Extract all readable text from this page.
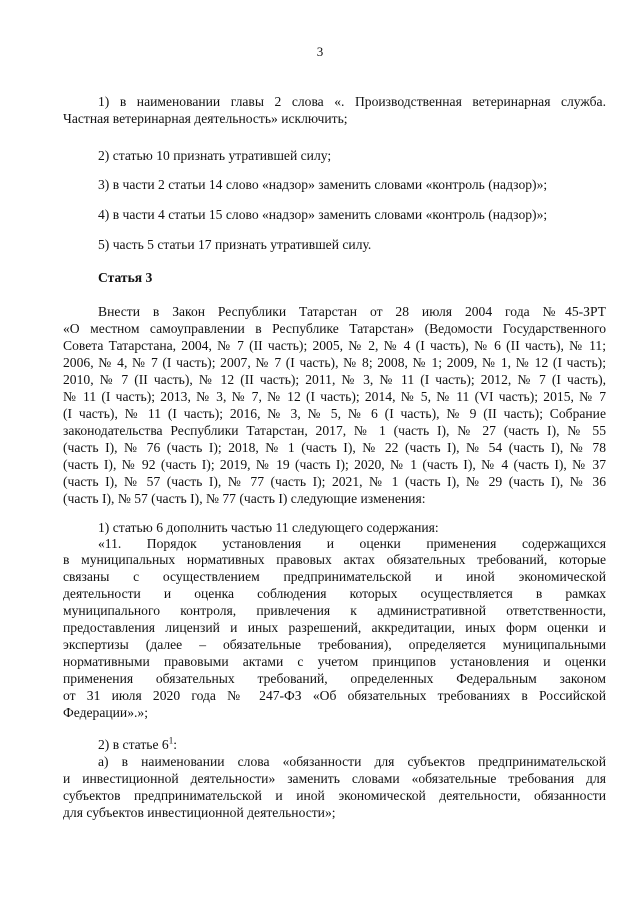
3
1) в наименовании главы 2 слова «. Производственная ветеринарная служба.
Частная ветеринарная деятельность» исключить;
2) статью 10 признать утратившей силу;
3) в части 2 статьи 14 слово «надзор» заменить словами «контроль (надзор)»;
4) в части 4 статьи 15 слово «надзор» заменить словами «контроль (надзор)»;
5) часть 5 статьи 17 признать утратившей силу.
Статья 3
Внести в Закон Республики Татарстан от 28 июля 2004 года №45-ЗРТ
«О местном самоуправлении в Республике Татарстан» (Ведомости Государственного
Совета Татарстана, 2004, № 7 (II часть); 2005, № 2, № 4 (I часть), № 6 (II часть), № 11;
2006, № 4, № 7 (I часть); 2007, № 7 (I часть), № 8; 2008, № 1; 2009, № 1, № 12 (I часть);
2010, № 7 (II часть), № 12 (II часть); 2011, № 3, № 11 (I часть); 2012, № 7 (I часть),
№ 11 (I часть); 2013, № 3, № 7, № 12 (I часть); 2014, № 5, № 11 (VI часть); 2015, № 7
(I часть), № 11 (I часть); 2016, № 3, № 5, № 6 (I часть), № 9 (II часть); Собрание
законодательства Республики Татарстан, 2017, № 1 (часть I), № 27 (часть I), № 55
(часть I), № 76 (часть I); 2018, № 1 (часть I), № 22 (часть I), № 54 (часть I), № 78
(часть I), № 92 (часть I); 2019, № 19 (часть I); 2020, № 1 (часть I), № 4 (часть I), № 37
(часть I), № 57 (часть I), № 77 (часть I); 2021, № 1 (часть I), № 29 (часть I), № 36
(часть I), № 57 (часть I), № 77 (часть I) следующие изменения:
1) статью 6 дополнить частью 11 следующего содержания:
«11. Порядок установления и оценки применения содержащихся
в муниципальных нормативных правовых актах обязательных требований, которые
связаны с осуществлением предпринимательской и иной экономической
деятельности и оценка соблюдения которых осуществляется в рамках
муниципального контроля, привлечения к административной ответственности,
предоставления лицензий и иных разрешений, аккредитации, иных форм оценки и
экспертизы (далее – обязательные требования), определяется муниципальными
нормативными правовыми актами с учетом принципов установления и оценки
применения обязательных требований, определенных Федеральным законом
от 31 июля 2020 года № 247-ФЗ «Об обязательных требованиях в Российской
Федерации».»;
2) в статье $6^1$:
а) в наименовании слова «обязанности для субъектов предпринимательской
и инвестиционной деятельности» заменить словами «обязательные требования для
субъектов предпринимательской и иной экономической деятельности, обязанности
для субъектов инвестиционной деятельности»;
